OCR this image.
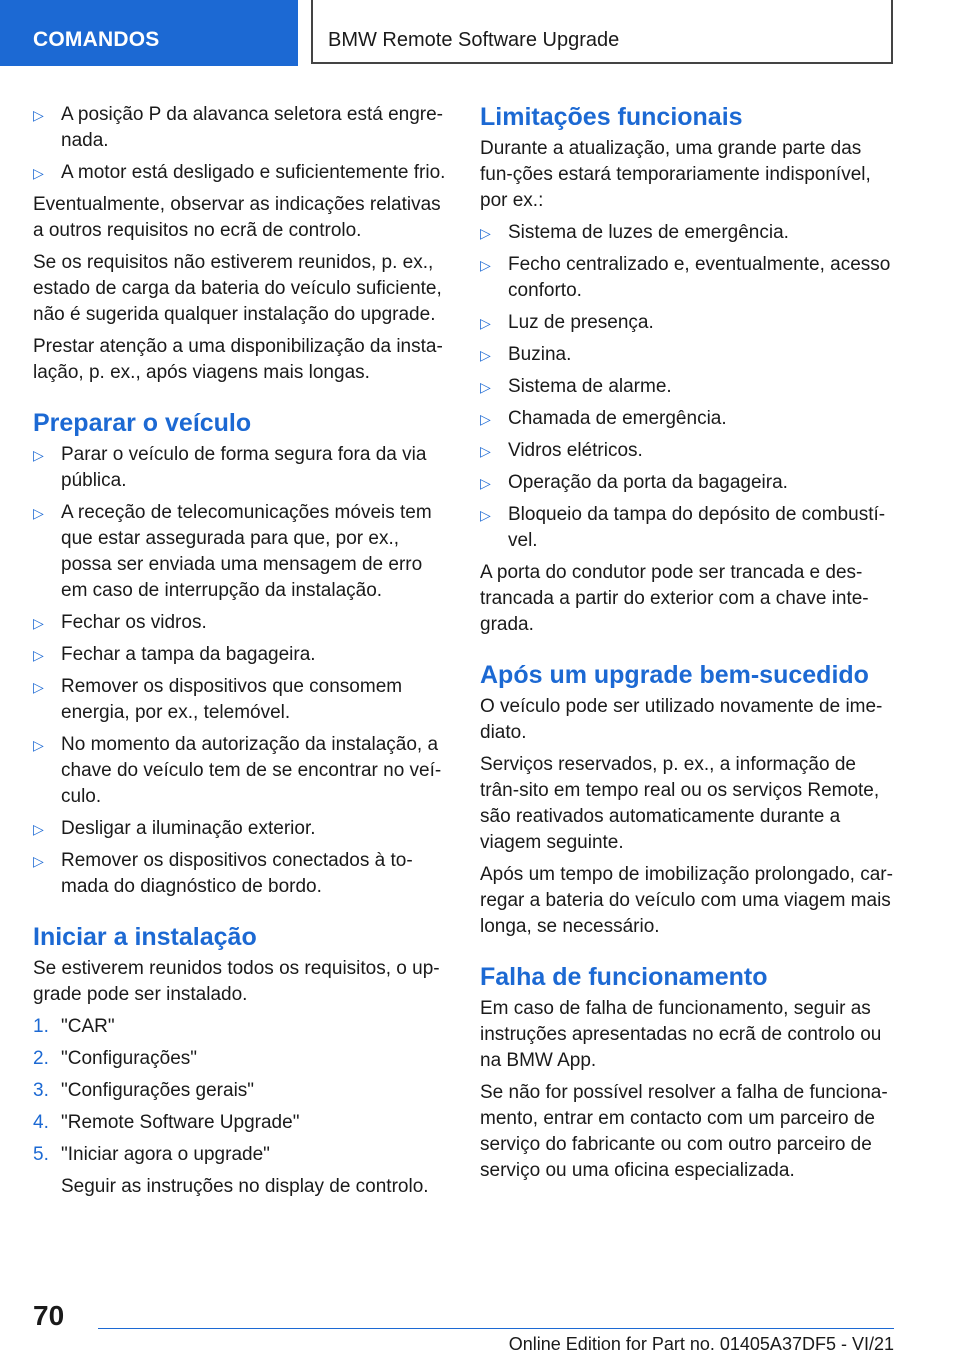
COMANDOS	BMW Remote Software Upgrade
▷ A posição P da alavanca seletora está engre-nada.
▷ A motor está desligado e suficientemente frio.

Eventualmente, observar as indicações relativas a outros requisitos no ecrã de controlo.

Se os requisitos não estiverem reunidos, p. ex., estado de carga da bateria do veículo suficiente, não é sugerida qualquer instalação do upgrade.

Prestar atenção a uma disponibilização da insta-lação, p. ex., após viagens mais longas.

Preparar o veículo
▷ Parar o veículo de forma segura fora da via pública.
▷ A receção de telecomunicações móveis tem que estar assegurada para que, por ex., possa ser enviada uma mensagem de erro em caso de interrupção da instalação.
▷ Fechar os vidros.
▷ Fechar a tampa da bagageira.
▷ Remover os dispositivos que consomem energia, por ex., telemóvel.
▷ No momento da autorização da instalação, a chave do veículo tem de se encontrar no veí-culo.
▷ Desligar a iluminação exterior.
▷ Remover os dispositivos conectados à to-mada do diagnóstico de bordo.
Iniciar a instalação

Se estiverem reunidos todos os requisitos, o up-grade pode ser instalado.

1. "CAR"
2. "Configurações"
3. "Configurações gerais"
4. "Remote Software Upgrade"
5. "Iniciar agora o upgrade"

Seguir as instruções no display de controlo.

Limitações funcionais

Durante a atualização, uma grande parte das fun-ções estará temporariamente indisponível, por ex.:

▷ Sistema de luzes de emergência.
▷ Fecho centralizado e, eventualmente, acesso conforto.
▷ Luz de presença.
▷ Buzina.
▷ Sistema de alarme.
▷ Chamada de emergência.
▷ Vidros elétricos.
▷ Operação da porta da bagageira.
▷ Bloqueio da tampa do depósito de combustí-vel.

A porta do condutor pode ser trancada e des-trancada a partir do exterior com a chave inte-grada.

Após um upgrade bem-sucedido

O veículo pode ser utilizado novamente de ime-diato.

Serviços reservados, p. ex., a informação de trân-sito em tempo real ou os serviços Remote, são reativados automaticamente durante a viagem seguinte.

Após um tempo de imobilização prolongado, car-regar a bateria do veículo com uma viagem mais longa, se necessário.

Falha de funcionamento

Em caso de falha de funcionamento, seguir as instruções apresentadas no ecrã de controlo ou na BMW App.

Se não for possível resolver a falha de funciona-mento, entrar em contacto com um parceiro de serviço do fabricante ou com outro parceiro de serviço ou uma oficina especializada.

70
Online Edition for Part no. 01405A37DF5 - VI/21
